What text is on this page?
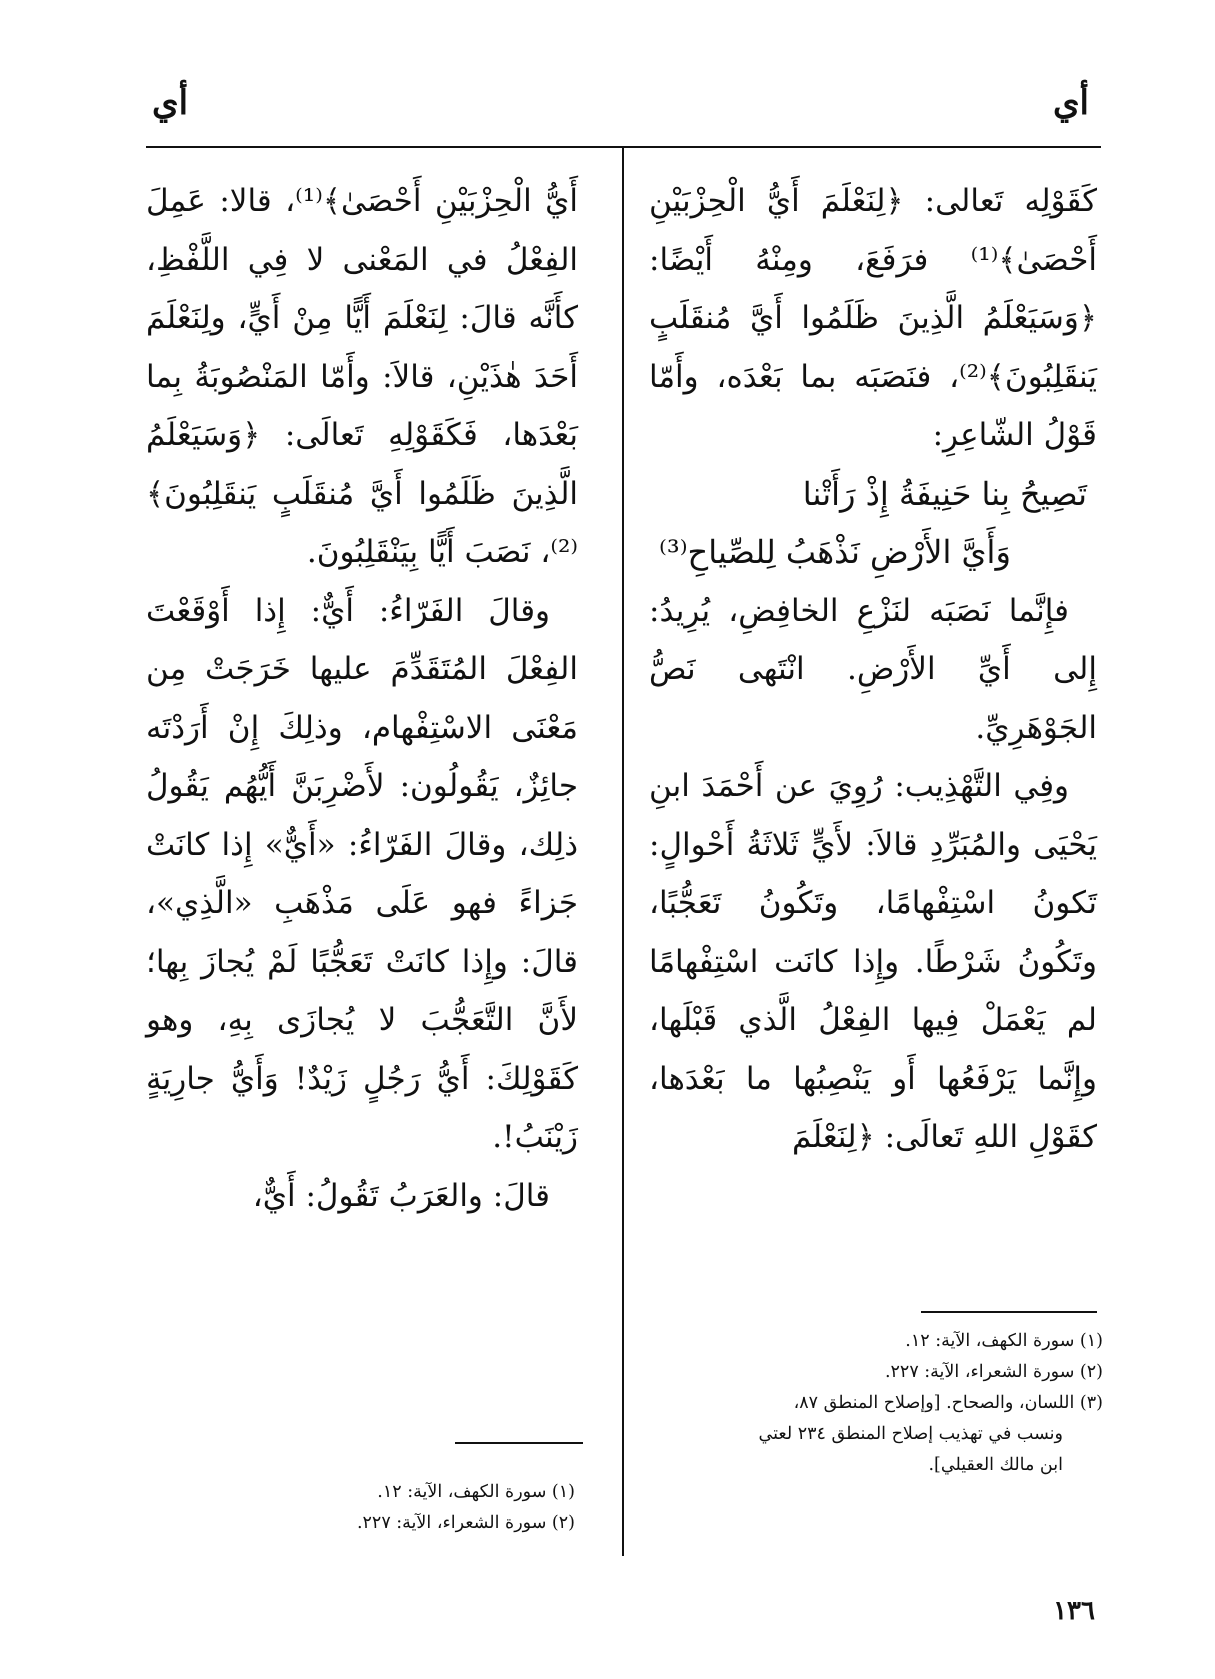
أي
أي

كَقَوْلِه تَعالى: ﴿لِنَعْلَمَ أَيُّ الْحِزْبَيْنِ أَحْصَىٰ﴾⁽¹⁾ فرَفَعَ، ومِنْهُ أَيْضًا: ﴿وَسَيَعْلَمُ الَّذِينَ ظَلَمُوا أَيَّ مُنقَلَبٍ يَنقَلِبُونَ﴾⁽²⁾، فنَصَبَه بما بَعْدَه، وأَمّا قَوْلُ الشّاعِرِ:

تَصِيحُ بِنا حَنِيفَةُ إِذْ رَأَتْنا

وَأَيَّ الأَرْضِ نَذْهَبُ لِلصِّياحِ⁽³⁾

فإِنَّما نَصَبَه لنَزْعِ الخافِضِ، يُرِيدُ: إِلى أَيِّ الأَرْضِ. انْتَهى نَصُّ الجَوْهَرِيِّ.

وفِي التَّهْذِيب: رُوِيَ عن أَحْمَدَ ابنِ يَحْيَى والمُبَرِّدِ قالاَ: لأَيٍّ ثَلاثَةُ أَحْوالٍ: تَكونُ اسْتِفْهامًا، وتَكُونُ تَعَجُّبًا، وتَكُونُ شَرْطًا. وإِذا كانَت اسْتِفْهامًا لم يَعْمَلْ فِيها الفِعْلُ الَّذي قَبْلَها، وإِنَّما يَرْفَعُها أَو يَنْصِبُها ما بَعْدَها، كقَوْلِ اللهِ تَعالَى: ﴿لِنَعْلَمَ

أَيُّ الْحِزْبَيْنِ أَحْصَىٰ﴾⁽¹⁾، قالا: عَمِلَ الفِعْلُ في المَعْنى لا فِي اللَّفْظِ، كأَنَّه قالَ: لِنَعْلَمَ أَيًّا مِنْ أَيٍّ، ولِنَعْلَمَ أَحَدَ هٰذَيْنِ، قالاَ: وأَمّا المَنْصُوبَةُ بِما بَعْدَها، فَكَقَوْلِهِ تَعالَى: ﴿وَسَيَعْلَمُ الَّذِينَ ظَلَمُوا أَيَّ مُنقَلَبٍ يَنقَلِبُونَ﴾⁽²⁾، نَصَبَ أَيًّا بِيَنْقَلِبُونَ.

وقالَ الفَرّاءُ: أَيٌّ: إِذا أَوْقَعْتَ الفِعْلَ المُتَقَدِّمَ عليها خَرَجَتْ مِن مَعْنَى الاسْتِفْهام، وذلِكَ إِنْ أَرَدْتَه جائِزٌ، يَقُولُون: لأَضْرِبَنَّ أَيُّهُم يَقُولُ ذلِك، وقالَ الفَرّاءُ: «أَيٌّ» إِذا كانَتْ جَزاءً فهو عَلَى مَذْهَبِ «الَّذِي»، قالَ: وإِذا كانَتْ تَعَجُّبًا لَمْ يُجازَ بِها؛ لأَنَّ التَّعَجُّبَ لا يُجازَى بِهِ، وهو كَقَوْلِكَ: أَيُّ رَجُلٍ زَيْدٌ! وَأَيُّ جارِيَةٍ زَيْنَبُ!.

قالَ: والعَرَبُ تَقُولُ: أَيٌّ،

(١) سورة الكهف، الآية: ١٢.

(٢) سورة الشعراء، الآية: ٢٢٧.

(٣) اللسان، والصحاح. [وإصلاح المنطق ٨٧،

ونسب في تهذيب إصلاح المنطق ٢٣٤ لعتي

ابن مالك العقيلي].

(١) سورة الكهف، الآية: ١٢.

(٢) سورة الشعراء، الآية: ٢٢٧.

١٣٦
